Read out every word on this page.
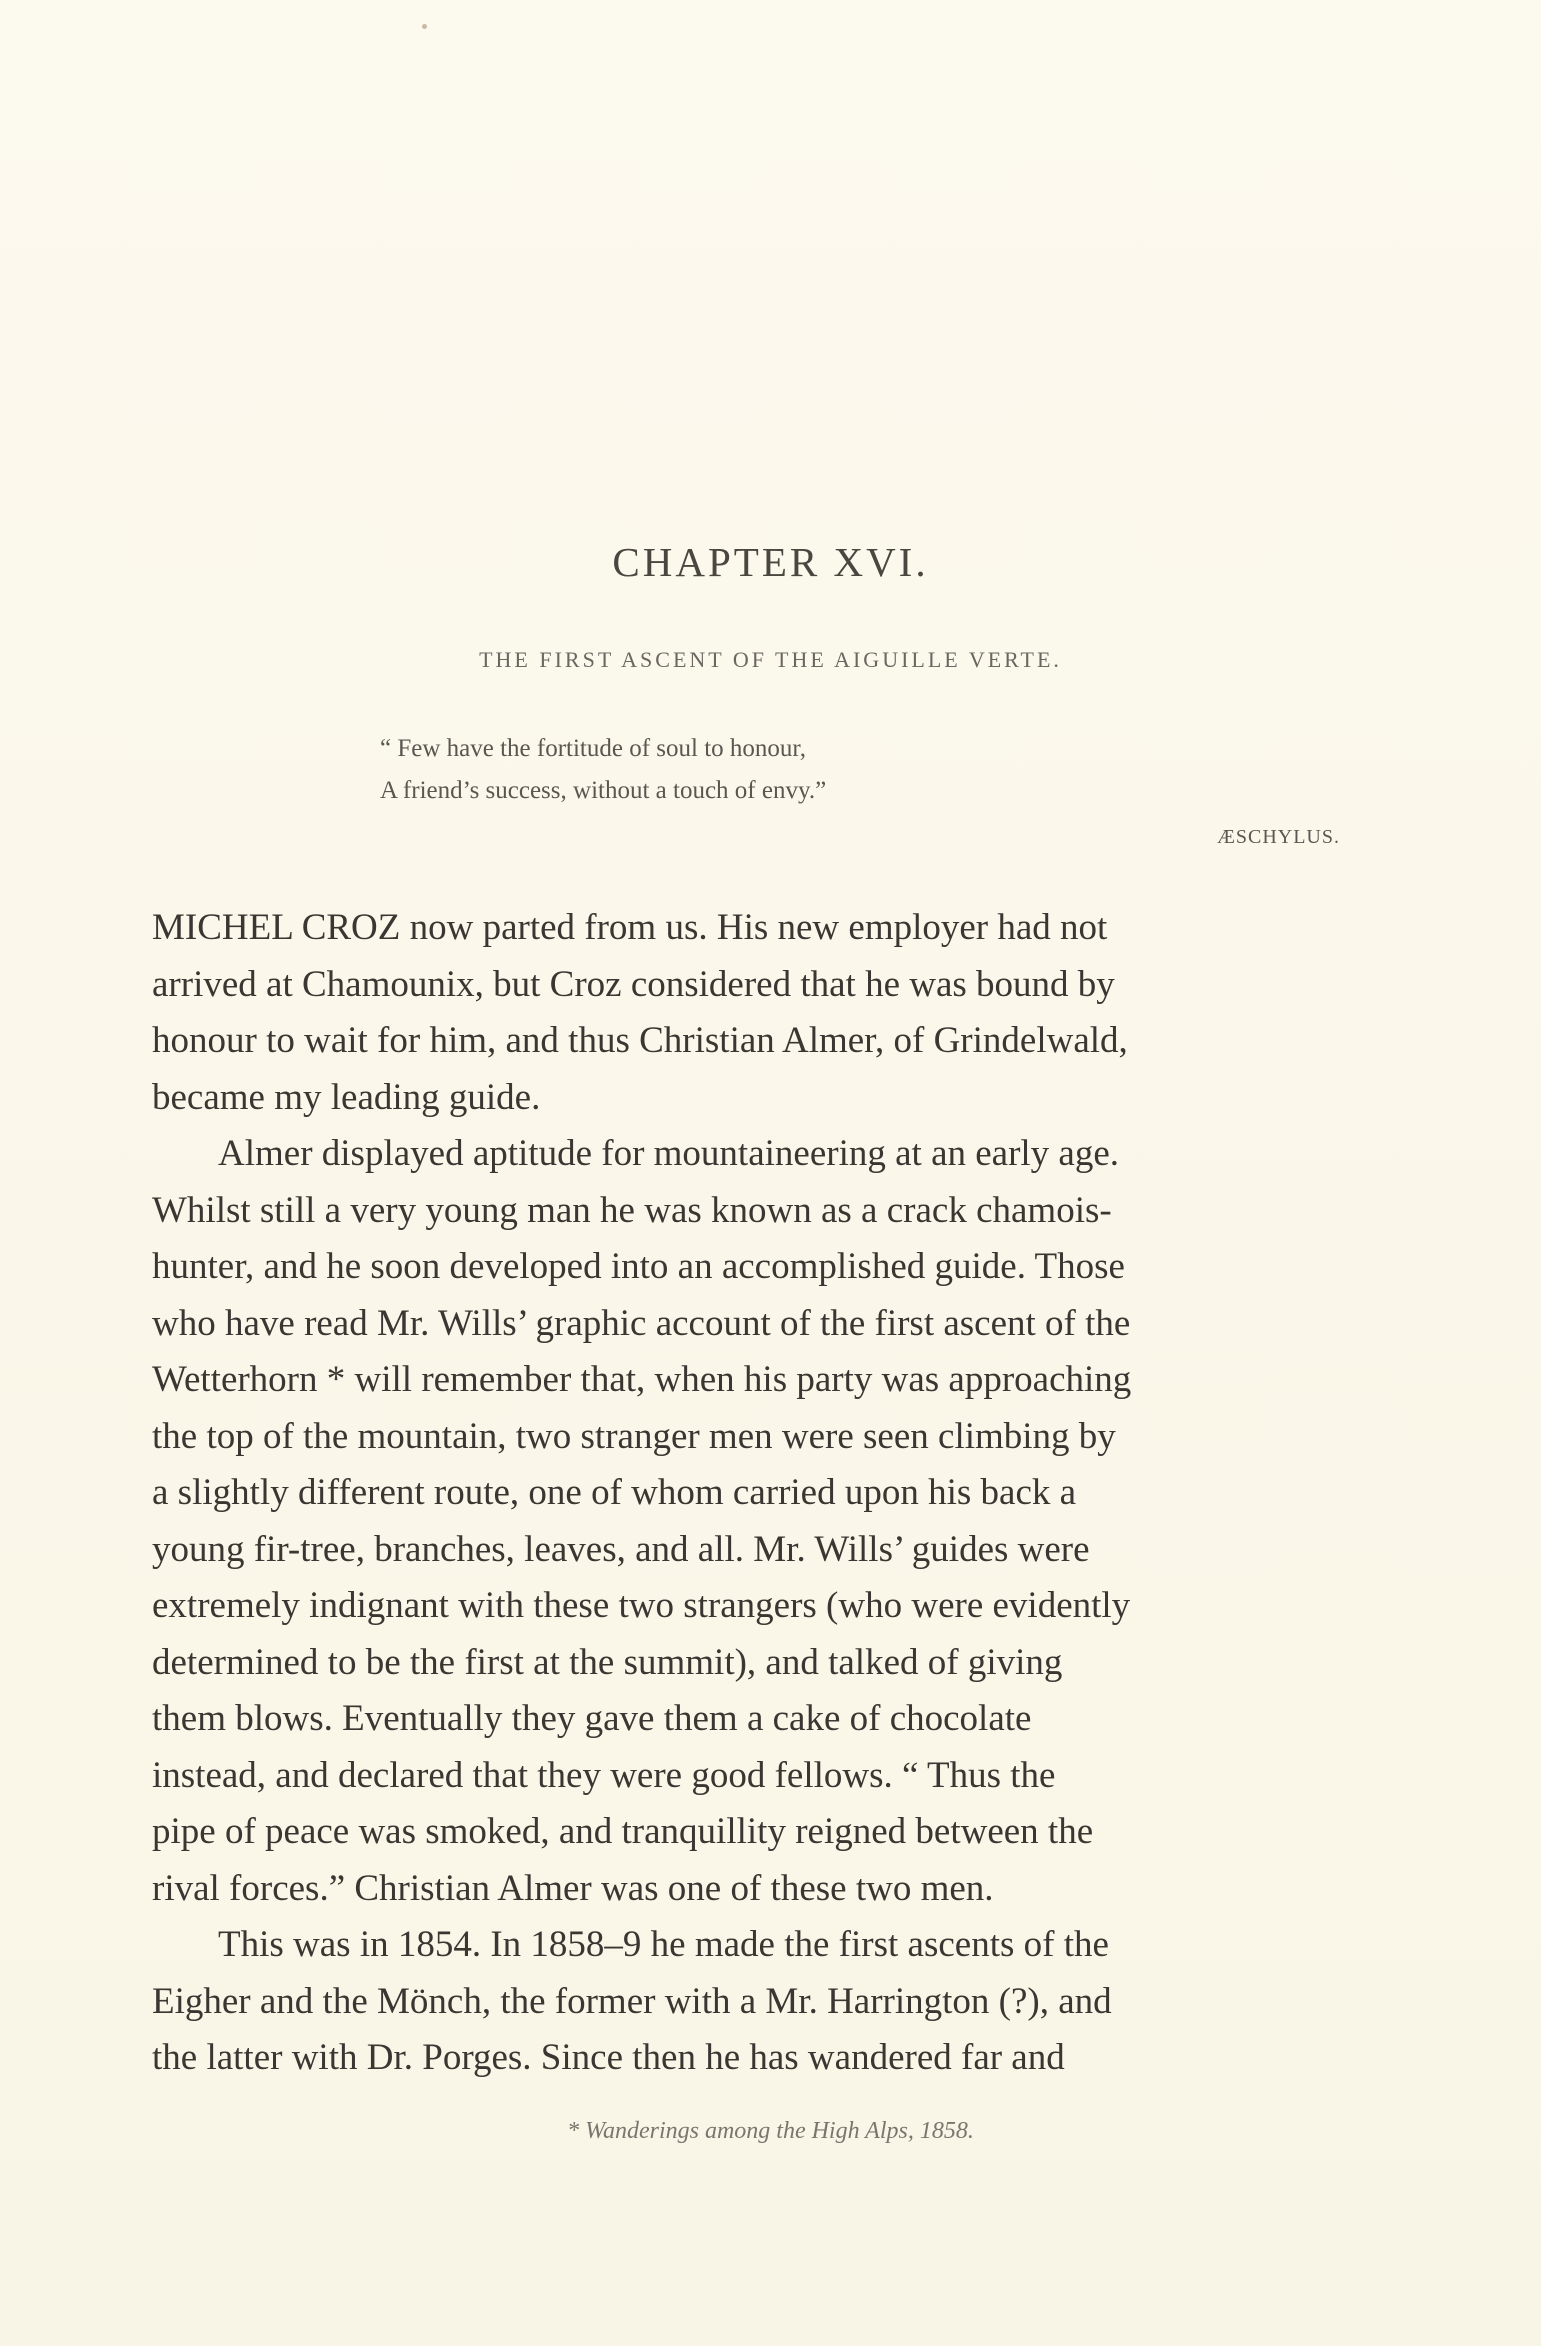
CHAPTER XVI.
THE FIRST ASCENT OF THE AIGUILLE VERTE.
“ Few have the fortitude of soul to honour,
A friend’s success, without a touch of envy.”
ÆSCHYLUS.
MICHEL CROZ now parted from us. His new employer had not
arrived at Chamounix, but Croz considered that he was bound by
honour to wait for him, and thus Christian Almer, of Grindelwald,
became my leading guide.
Almer displayed aptitude for mountaineering at an early age.
Whilst still a very young man he was known as a crack chamois-
hunter, and he soon developed into an accomplished guide. Those
who have read Mr. Wills’ graphic account of the first ascent of the
Wetterhorn * will remember that, when his party was approaching
the top of the mountain, two stranger men were seen climbing by
a slightly different route, one of whom carried upon his back a
young fir-tree, branches, leaves, and all. Mr. Wills’ guides were
extremely indignant with these two strangers (who were evidently
determined to be the first at the summit), and talked of giving
them blows. Eventually they gave them a cake of chocolate
instead, and declared that they were good fellows. “ Thus the
pipe of peace was smoked, and tranquillity reigned between the
rival forces.” Christian Almer was one of these two men.
This was in 1854. In 1858–9 he made the first ascents of the
Eigher and the Mönch, the former with a Mr. Harrington (?), and
the latter with Dr. Porges. Since then he has wandered far and
* Wanderings among the High Alps, 1858.
